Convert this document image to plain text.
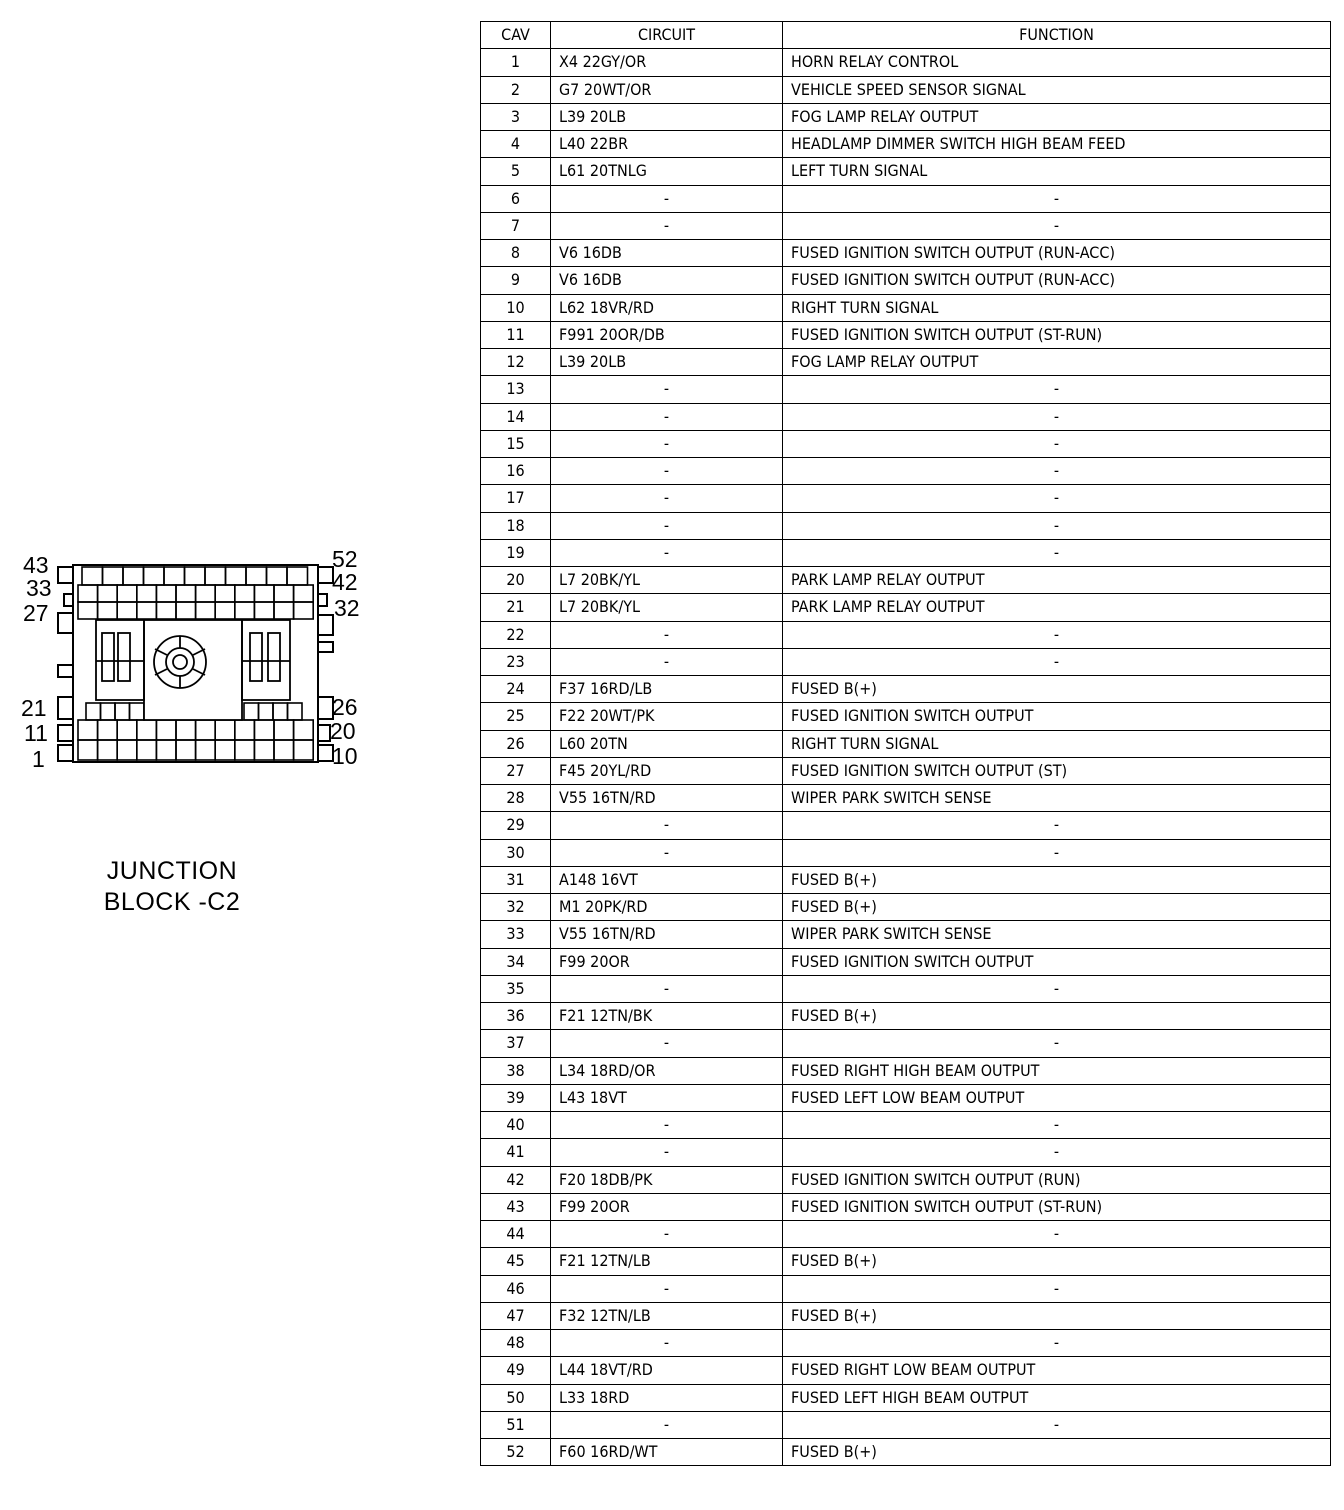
43
33
27
21
11
1
52
42
32
26
20
10
JUNCTION
BLOCK -C2
CAV	CIRCUIT	FUNCTION
1	X4 22GY/OR	HORN RELAY CONTROL
2	G7 20WT/OR	VEHICLE SPEED SENSOR SIGNAL
3	L39 20LB	FOG LAMP RELAY OUTPUT
4	L40 22BR	HEADLAMP DIMMER SWITCH HIGH BEAM FEED
5	L61 20TNLG	LEFT TURN SIGNAL
6	-	-
7	-	-
8	V6 16DB	FUSED IGNITION SWITCH OUTPUT (RUN-ACC)
9	V6 16DB	FUSED IGNITION SWITCH OUTPUT (RUN-ACC)
10	L62 18VR/RD	RIGHT TURN SIGNAL
11	F991 20OR/DB	FUSED IGNITION SWITCH OUTPUT (ST-RUN)
12	L39 20LB	FOG LAMP RELAY OUTPUT
13	-	-
14	-	-
15	-	-
16	-	-
17	-	-
18	-	-
19	-	-
20	L7 20BK/YL	PARK LAMP RELAY OUTPUT
21	L7 20BK/YL	PARK LAMP RELAY OUTPUT
22	-	-
23	-	-
24	F37 16RD/LB	FUSED B(+)
25	F22 20WT/PK	FUSED IGNITION SWITCH OUTPUT
26	L60 20TN	RIGHT TURN SIGNAL
27	F45 20YL/RD	FUSED IGNITION SWITCH OUTPUT (ST)
28	V55 16TN/RD	WIPER PARK SWITCH SENSE
29	-	-
30	-	-
31	A148 16VT	FUSED B(+)
32	M1 20PK/RD	FUSED B(+)
33	V55 16TN/RD	WIPER PARK SWITCH SENSE
34	F99 20OR	FUSED IGNITION SWITCH OUTPUT
35	-	-
36	F21 12TN/BK	FUSED B(+)
37	-	-
38	L34 18RD/OR	FUSED RIGHT HIGH BEAM OUTPUT
39	L43 18VT	FUSED LEFT LOW BEAM OUTPUT
40	-	-
41	-	-
42	F20 18DB/PK	FUSED IGNITION SWITCH OUTPUT (RUN)
43	F99 20OR	FUSED IGNITION SWITCH OUTPUT (ST-RUN)
44	-	-
45	F21 12TN/LB	FUSED B(+)
46	-	-
47	F32 12TN/LB	FUSED B(+)
48	-	-
49	L44 18VT/RD	FUSED RIGHT LOW BEAM OUTPUT
50	L33 18RD	FUSED LEFT HIGH BEAM OUTPUT
51	-	-
52	F60 16RD/WT	FUSED B(+)
